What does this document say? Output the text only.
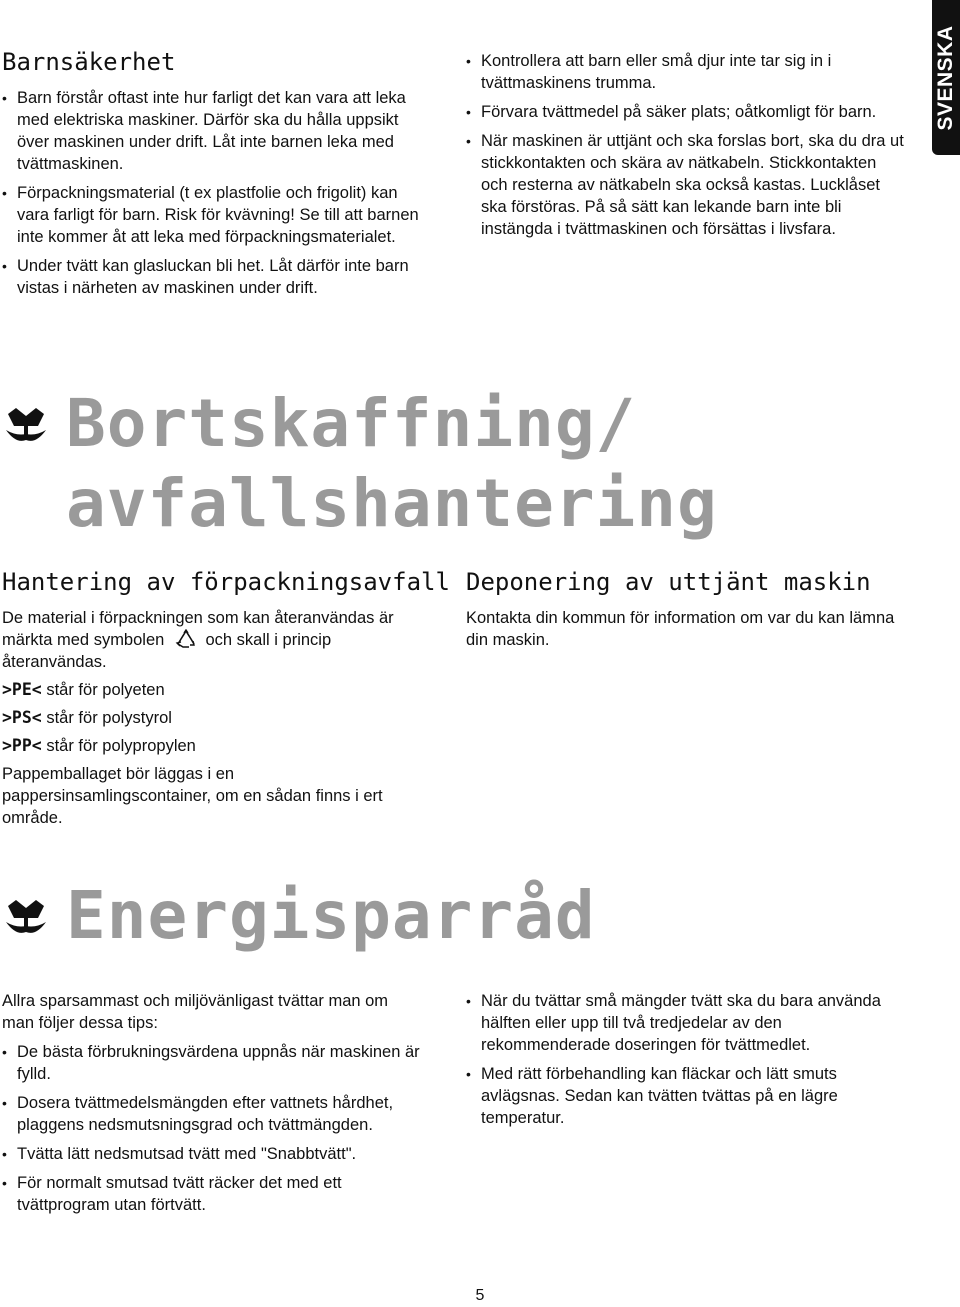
SVENSKA
Barnsäkerhet
• Barn förstår oftast inte hur farligt det kan vara att leka med elektriska maskiner. Därför ska du hålla uppsikt över maskinen under drift. Låt inte barnen leka med tvättmaskinen.
• Förpackningsmaterial (t ex plastfolie och frigolit) kan vara farligt för barn. Risk för kvävning! Se till att barnen inte kommer åt att leka med förpackningsmaterialet.
• Under tvätt kan glasluckan bli het. Låt därför inte barn vistas i närheten av maskinen under drift.
• Kontrollera att barn eller små djur inte tar sig in i tvättmaskinens trumma.
• Förvara tvättmedel på säker plats; oåtkomligt för barn.
• När maskinen är uttjänt och ska forslas bort, ska du dra ut stickkontakten och skära av nätkabeln. Stickkontakten och resterna av nätkabeln ska också kastas. Lucklåset ska förstöras. På så sätt kan lekande barn inte bli instängda i tvättmaskinen och försättas i livsfara.
Bortskaffning/
avfallshantering
Hantering av förpackningsavfall

De material i förpackningen som kan återanvändas är märkta med symbolen och skall i princip återanvändas.

>PE< står för polyeten

>PS< står för polystyrol

>PP< står för polypropylen

Pappemballaget bör läggas i en pappersinsamlingscontainer, om en sådan finns i ert område.

Deponering av uttjänt maskin

Kontakta din kommun för information om var du kan lämna din maskin.

Energisparråd

Allra sparsammast och miljövänligast tvättar man om man följer dessa tips:

• De bästa förbrukningsvärdena uppnås när maskinen är fylld.
• Dosera tvättmedelsmängden efter vattnets hårdhet, plaggens nedsmutsningsgrad och tvättmängden.
• Tvätta lätt nedsmutsad tvätt med "Snabbtvätt".
• För normalt smutsad tvätt räcker det med ett tvättprogram utan förtvätt.
• När du tvättar små mängder tvätt ska du bara använda hälften eller upp till två tredjedelar av den rekommenderade doseringen för tvättmedlet.
• Med rätt förbehandling kan fläckar och lätt smuts avlägsnas. Sedan kan tvätten tvättas på en lägre temperatur.
5
